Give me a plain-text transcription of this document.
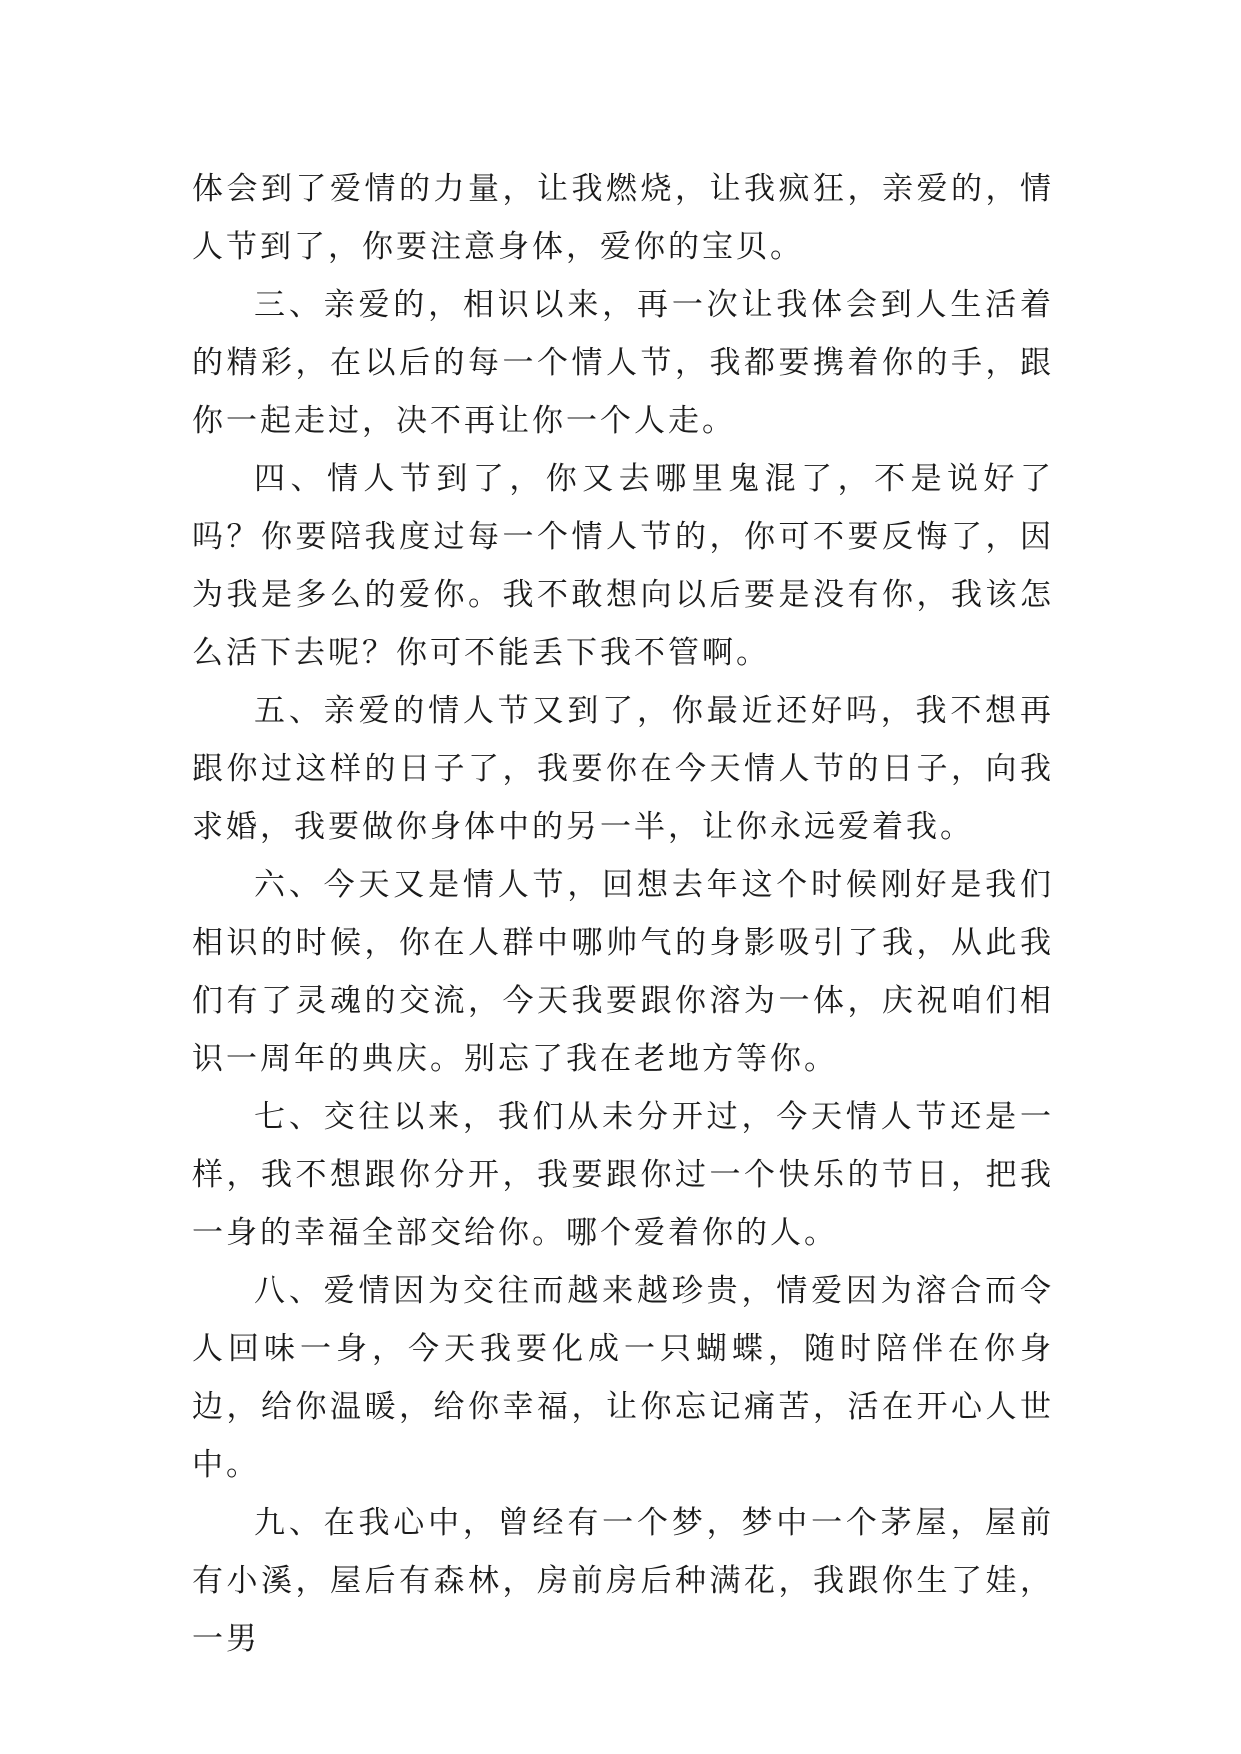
体会到了爱情的力量，让我燃烧，让我疯狂，亲爱的，情人节到了，你要注意身体，爱你的宝贝。

三、亲爱的，相识以来，再一次让我体会到人生活着的精彩，在以后的每一个情人节，我都要携着你的手，跟你一起走过，决不再让你一个人走。

四、情人节到了，你又去哪里鬼混了，不是说好了吗？你要陪我度过每一个情人节的，你可不要反悔了，因为我是多么的爱你。我不敢想向以后要是没有你，我该怎么活下去呢？你可不能丢下我不管啊。

五、亲爱的情人节又到了，你最近还好吗，我不想再跟你过这样的日子了，我要你在今天情人节的日子，向我求婚，我要做你身体中的另一半，让你永远爱着我。

六、今天又是情人节，回想去年这个时候刚好是我们相识的时候，你在人群中哪帅气的身影吸引了我，从此我们有了灵魂的交流，今天我要跟你溶为一体，庆祝咱们相识一周年的典庆。别忘了我在老地方等你。

七、交往以来，我们从未分开过，今天情人节还是一样，我不想跟你分开，我要跟你过一个快乐的节日，把我一身的幸福全部交给你。哪个爱着你的人。

八、爱情因为交往而越来越珍贵，情爱因为溶合而令人回味一身，今天我要化成一只蝴蝶，随时陪伴在你身边，给你温暖，给你幸福，让你忘记痛苦，活在开心人世中。

九、在我心中，曾经有一个梦，梦中一个茅屋，屋前有小溪，屋后有森林，房前房后种满花，我跟你生了娃，一男
